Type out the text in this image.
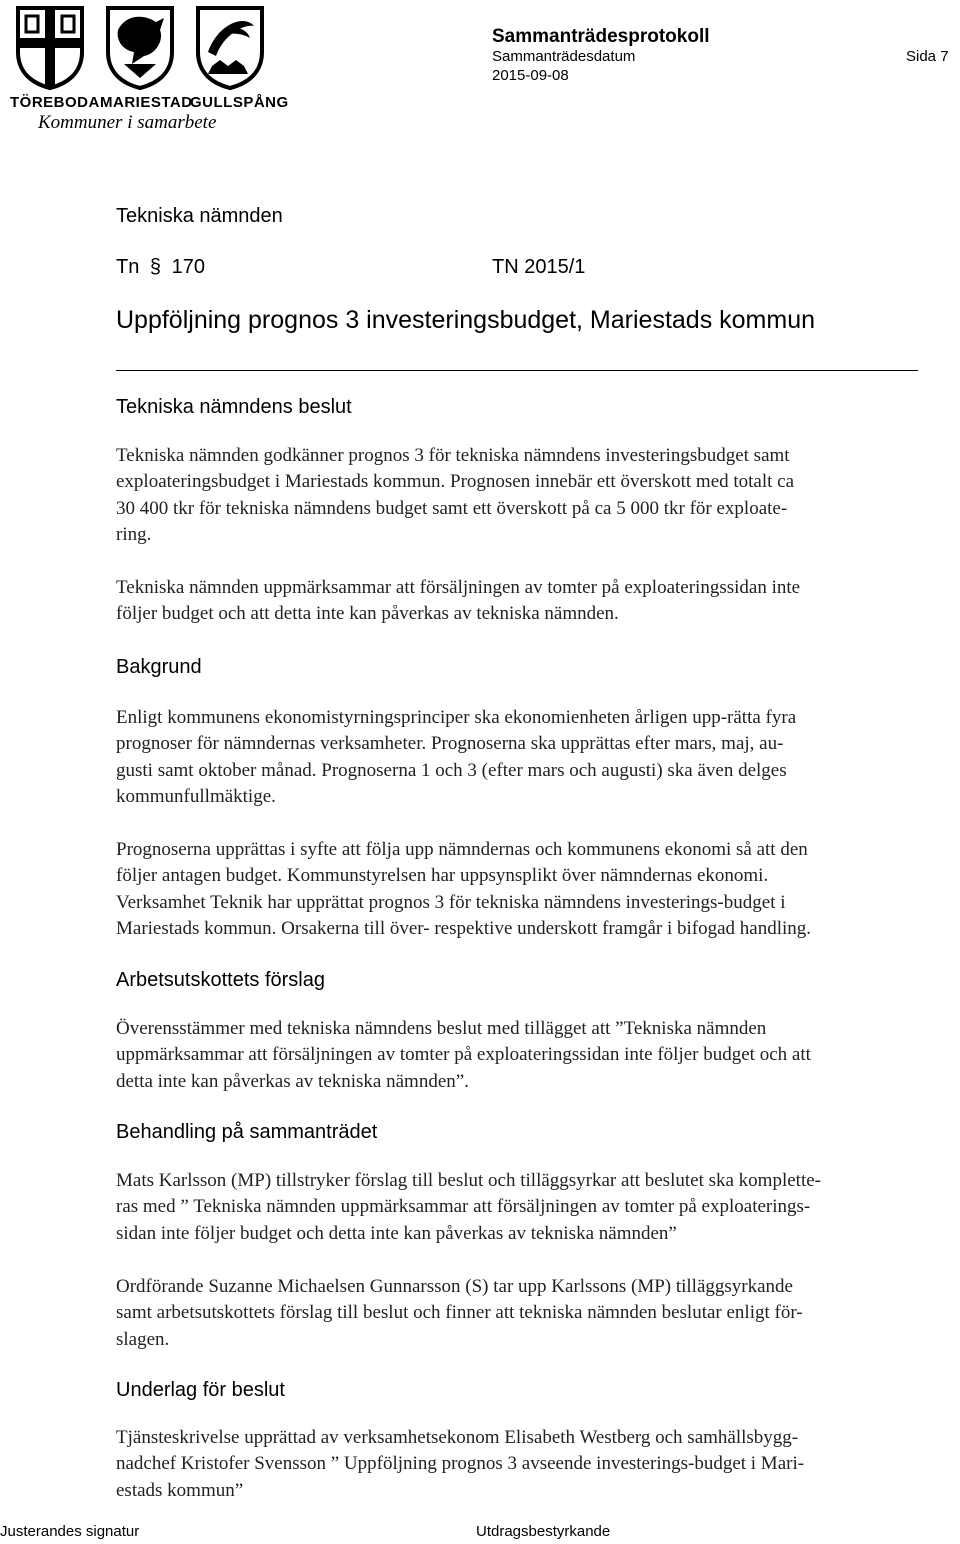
TÖREBODA MARIESTAD
GULLSPÅNG
Kommuner i samarbete
Sammanträdesprotokoll
Sammanträdesdatum
2015-09-08
Sida 7
Tekniska nämnden
Tn § 170	TN 2015/1
Uppföljning prognos 3 investeringsbudget, Mariestads kommun
Tekniska nämndens beslut
Tekniska nämnden godkänner prognos 3 för tekniska nämndens investeringsbudget samt
exploateringsbudget i Mariestads kommun. Prognosen innebär ett överskott med totalt ca
30 400 tkr för tekniska nämndens budget samt ett överskott på ca 5 000 tkr för exploate-
ring.
Tekniska nämnden uppmärksammar att försäljningen av tomter på exploateringssidan inte
följer budget och att detta inte kan påverkas av tekniska nämnden.
Bakgrund
Enligt kommunens ekonomistyrningsprinciper ska ekonomienheten årligen upp-rätta fyra
prognoser för nämndernas verksamheter. Prognoserna ska upprättas efter mars, maj, au-
gusti samt oktober månad. Prognoserna 1 och 3 (efter mars och augusti) ska även delges
kommunfullmäktige.
Prognoserna upprättas i syfte att följa upp nämndernas och kommunens ekonomi så att den
följer antagen budget. Kommunstyrelsen har uppsynsplikt över nämndernas ekonomi.
Verksamhet Teknik har upprättat prognos 3 för tekniska nämndens investerings-budget i
Mariestads kommun. Orsakerna till över- respektive underskott framgår i bifogad handling.
Arbetsutskottets förslag
Överensstämmer med tekniska nämndens beslut med tillägget att ”Tekniska nämnden
uppmärksammar att försäljningen av tomter på exploateringssidan inte följer budget och att
detta inte kan påverkas av tekniska nämnden”.
Behandling på sammanträdet
Mats Karlsson (MP) tillstryker förslag till beslut och tilläggsyrkar att beslutet ska komplette-
ras med ” Tekniska nämnden uppmärksammar att försäljningen av tomter på exploaterings-
sidan inte följer budget och detta inte kan påverkas av tekniska nämnden”
Ordförande Suzanne Michaelsen Gunnarsson (S) tar upp Karlssons (MP) tilläggsyrkande
samt arbetsutskottets förslag till beslut och finner att tekniska nämnden beslutar enligt för-
slagen.
Underlag för beslut
Tjänsteskrivelse upprättad av verksamhetsekonom Elisabeth Westberg och samhällsbygg-
nadchef Kristofer Svensson ” Uppföljning prognos 3 avseende investerings-budget i Mari-
estads kommun”
Justerandes signatur	Utdragsbestyrkande
